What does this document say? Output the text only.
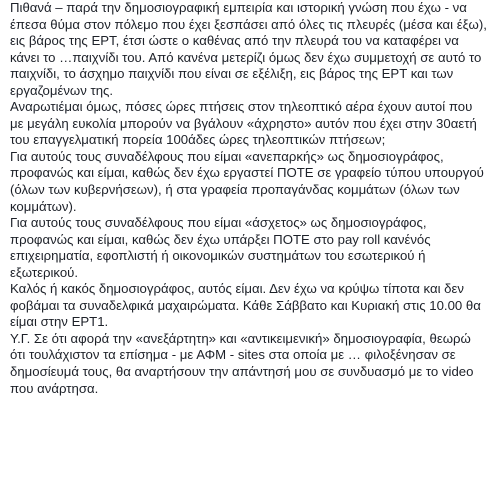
Πιθανά – παρά την δημοσιογραφική εμπειρία και ιστορική γνώση που έχω - να έπεσα θύμα στον πόλεμο που έχει ξεσπάσει από όλες τις πλευρές (μέσα και έξω), εις βάρος της ΕΡΤ, έτσι ώστε ο καθένας από την πλευρά του να καταφέρει να κάνει το …παιχνίδι του. Από κανένα μετερίζι όμως δεν έχω συμμετοχή σε αυτό το παιχνίδι, το άσχημο παιχνίδι που είναι σε εξέλιξη, εις βάρος της ΕΡΤ και των εργαζομένων της.

Αναρωτιέμαι όμως, πόσες ώρες πτήσεις στον τηλεοπτικό αέρα έχουν αυτοί που με μεγάλη ευκολία μπορούν να βγάλουν «άχρηστο» αυτόν που έχει στην 30αετή του επαγγελματική πορεία 100άδες ώρες τηλεοπτικών πτήσεων;

Για αυτούς τους συναδέλφους που είμαι «ανεπαρκής» ως δημοσιογράφος, προφανώς και είμαι, καθώς δεν έχω εργαστεί ΠΟΤΕ σε γραφείο τύπου υπουργού (όλων των κυβερνήσεων), ή στα γραφεία προπαγάνδας κομμάτων (όλων των κομμάτων).

Για αυτούς τους συναδέλφους που είμαι «άσχετος» ως δημοσιογράφος, προφανώς και είμαι, καθώς δεν έχω υπάρξει ΠΟΤΕ στο pay roll κανένός επιχειρηματία, εφοπλιστή ή οικονομικών συστημάτων του εσωτερικού ή εξωτερικού.

Καλός ή κακός δημοσιογράφος, αυτός είμαι. Δεν έχω να κρύψω τίποτα και δεν φοβάμαι τα συναδελφικά μαχαιρώματα. Κάθε Σάββατο και Κυριακή στις 10.00 θα είμαι στην ΕΡΤ1.

Υ.Γ. Σε ότι αφορά την «ανεξάρτητη» και «αντικειμενική» δημοσιογραφία, θεωρώ ότι τουλάχιστον τα επίσημα - με ΑΦΜ - sites στα οποία με … φιλοξένησαν σε δημοσίευμά τους, θα αναρτήσουν την απάντησή μου σε συνδυασμό με το video που ανάρτησα.
